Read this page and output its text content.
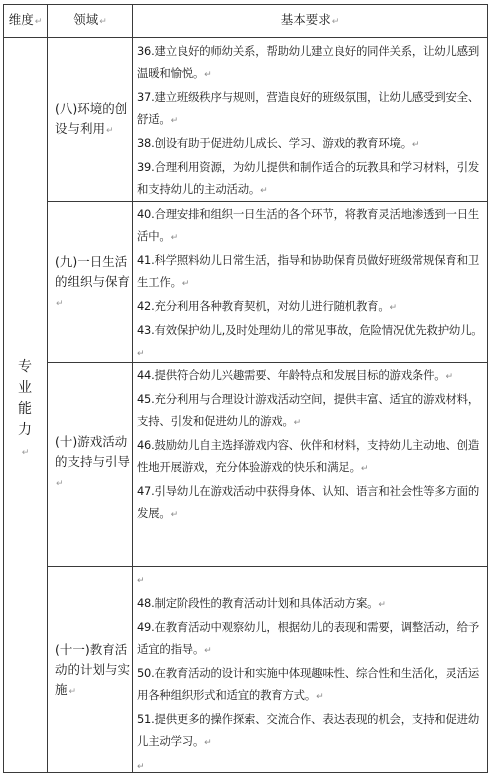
维度↵	领域↵	基本要求↵
专业能力↵
(八)环境的创设与利用↵

36.建立良好的师幼关系，帮助幼儿建立良好的同伴关系，让幼儿感到温暖和愉悦。↵

37.建立班级秩序与规则，营造良好的班级氛围，让幼儿感受到安全、舒适。↵

38.创设有助于促进幼儿成长、学习、游戏的教育环境。↵

39.合理利用资源，为幼儿提供和制作适合的玩教具和学习材料，引发和支持幼儿的主动活动。↵

(九)一日生活的组织与保育↵

40.合理安排和组织一日生活的各个环节，将教育灵活地渗透到一日生活中。↵

41.科学照料幼儿日常生活，指导和协助保育员做好班级常规保育和卫生工作。↵

42.充分利用各种教育契机，对幼儿进行随机教育。↵

43.有效保护幼儿,及时处理幼儿的常见事故，危险情况优先救护幼儿。↵

(十)游戏活动的支持与引导↵

44.提供符合幼儿兴趣需要、年龄特点和发展目标的游戏条件。↵

45.充分利用与合理设计游戏活动空间，提供丰富、适宜的游戏材料，支持、引发和促进幼儿的游戏。↵

46.鼓励幼儿自主选择游戏内容、伙伴和材料，支持幼儿主动地、创造性地开展游戏，充分体验游戏的快乐和满足。↵

47.引导幼儿在游戏活动中获得身体、认知、语言和社会性等多方面的发展。↵

(十一)教育活动的计划与实施↵

↵

48.制定阶段性的教育活动计划和具体活动方案。↵

49.在教育活动中观察幼儿，根据幼儿的表现和需要，调整活动，给予适宜的指导。↵

50.在教育活动的设计和实施中体现趣味性、综合性和生活化，灵活运用各种组织形式和适宜的教育方式。↵

51.提供更多的操作探索、交流合作、表达表现的机会，支持和促进幼儿主动学习。↵

↵
